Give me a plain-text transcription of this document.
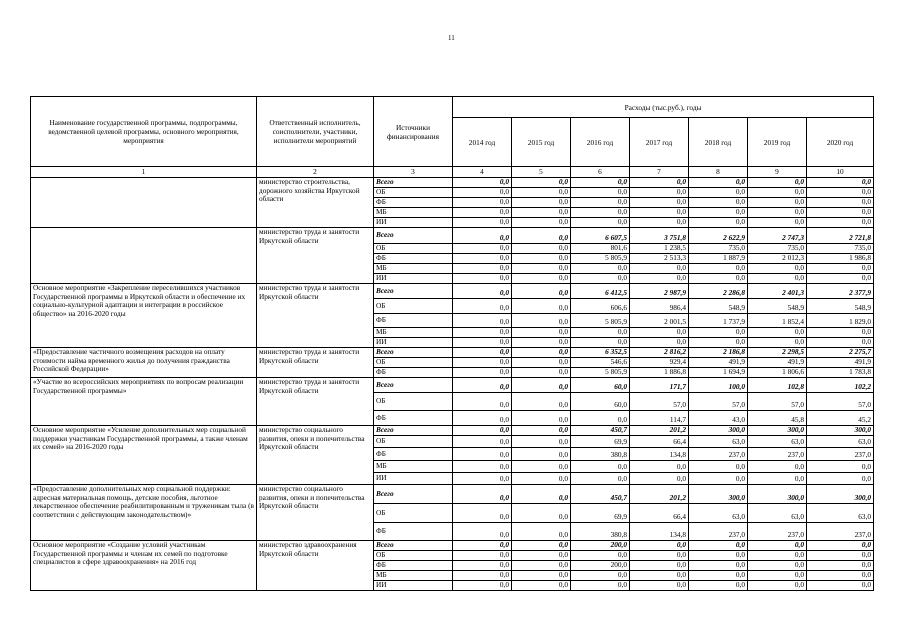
11
Наименование государственной программы, подпрограммы, ведомственной целевой программы, основного мероприятия, мероприятия	Ответственный исполнитель, соисполнители, участники, исполнители мероприятий	Источники финансирования	Расходы (тыс.руб.), годы						
			2014 год	2015 год	2016 год	2017 год	2018 год	2019 год	2020 год
1	2	3	4	5	6	7	8	9	10
	министерство строительства, дорожного хозяйства Иркутской области	Всего	0,0	0,0	0,0	0,0	0,0	0,0	0,0
		ОБ	0,0	0,0	0,0	0,0	0,0	0,0	0,0
		ФБ	0,0	0,0	0,0	0,0	0,0	0,0	0,0
		МБ	0,0	0,0	0,0	0,0	0,0	0,0	0,0
		ИИ	0,0	0,0	0,0	0,0	0,0	0,0	0,0
	министерство труда и занятости Иркутской области	Всего	0,0	0,0	6 607,5	3 751,8	2 622,9	2 747,3	2 721,8
		ОБ	0,0	0,0	801,6	1 238,5	735,0	735,0	735,0
		ФБ	0,0	0,0	5 805,9	2 513,3	1 887,9	2 012,3	1 986,8
		МБ	0,0	0,0	0,0	0,0	0,0	0,0	0,0
		ИИ	0,0	0,0	0,0	0,0	0,0	0,0	0,0
Основное мероприятие «Закрепление переселившихся участников Государственной программы в Иркутской области и обеспечение их социально-культурной адаптации и интеграции в российское общество» на 2016-2020 годы	министерство труда и занятости Иркутской области	Всего	0,0	0,0	6 412,5	2 987,9	2 286,8	2 401,3	2 377,9
		ОБ	0,0	0,0	606,6	986,4	548,9	548,9	548,9
		ФБ	0,0	0,0	5 805,9	2 001,5	1 737,9	1 852,4	1 829,0
		МБ	0,0	0,0	0,0	0,0	0,0	0,0	0,0
		ИИ	0,0	0,0	0,0	0,0	0,0	0,0	0,0
«Предоставление частичного возмещения расходов на оплату стоимости найма временного жилья до получения гражданства Российской Федерации»	министерство труда и занятости Иркутской области	Всего	0,0	0,0	6 352,5	2 816,2	2 186,8	2 298,5	2 275,7
		ОБ	0,0	0,0	546,6	929,4	491,9	491,9	491,9
		ФБ	0,0	0,0	5 805,9	1 886,8	1 694,9	1 806,6	1 783,8
«Участие во всероссийских мероприятиях по вопросам реализации Государственной программы»	министерство труда и занятости Иркутской области	Всего	0,0	0,0	60,0	171,7	100,0	102,8	102,2
		ОБ	0,0	0,0	60,0	57,0	57,0	57,0	57,0
		ФБ	0,0	0,0	0,0	114,7	43,0	45,8	45,2
Основное мероприятие «Усиление дополнительных мер социальной поддержки участникам Государственной программы, а также членам их семей» на 2016-2020 годы	министерство социального развития, опеки и попечительства Иркутской области	Всего	0,0	0,0	450,7	201,2	300,0	300,0	300,0
		ОБ	0,0	0,0	69,9	66,4	63,0	63,0	63,0
		ФБ	0,0	0,0	380,8	134,8	237,0	237,0	237,0
		МБ	0,0	0,0	0,0	0,0	0,0	0,0	0,0
		ИИ	0,0	0,0	0,0	0,0	0,0	0,0	0,0
«Предоставление дополнительных мер социальной поддержки: адресная материальная помощь, детские пособия, льготное лекарственное обеспечение реабилитированным и труженикам тыла (в соответствии с действующим законодательством)»	министерство социального развития, опеки и попечительства Иркутской области	Всего	0,0	0,0	450,7	201,2	300,0	300,0	300,0
		ОБ	0,0	0,0	69,9	66,4	63,0	63,0	63,0
		ФБ	0,0	0,0	380,8	134,8	237,0	237,0	237,0
Основное мероприятие «Создание условий участникам Государственной программы и членам их семей по подготовке специалистов в сфере здравоохранения» на 2016 год	министерство здравоохранения Иркутской области	Всего	0,0	0,0	200,0	0,0	0,0	0,0	0,0
		ОБ	0,0	0,0	0,0	0,0	0,0	0,0	0,0
		ФБ	0,0	0,0	200,0	0,0	0,0	0,0	0,0
		МБ	0,0	0,0	0,0	0,0	0,0	0,0	0,0
		ИИ	0,0	0,0	0,0	0,0	0,0	0,0	0,0
